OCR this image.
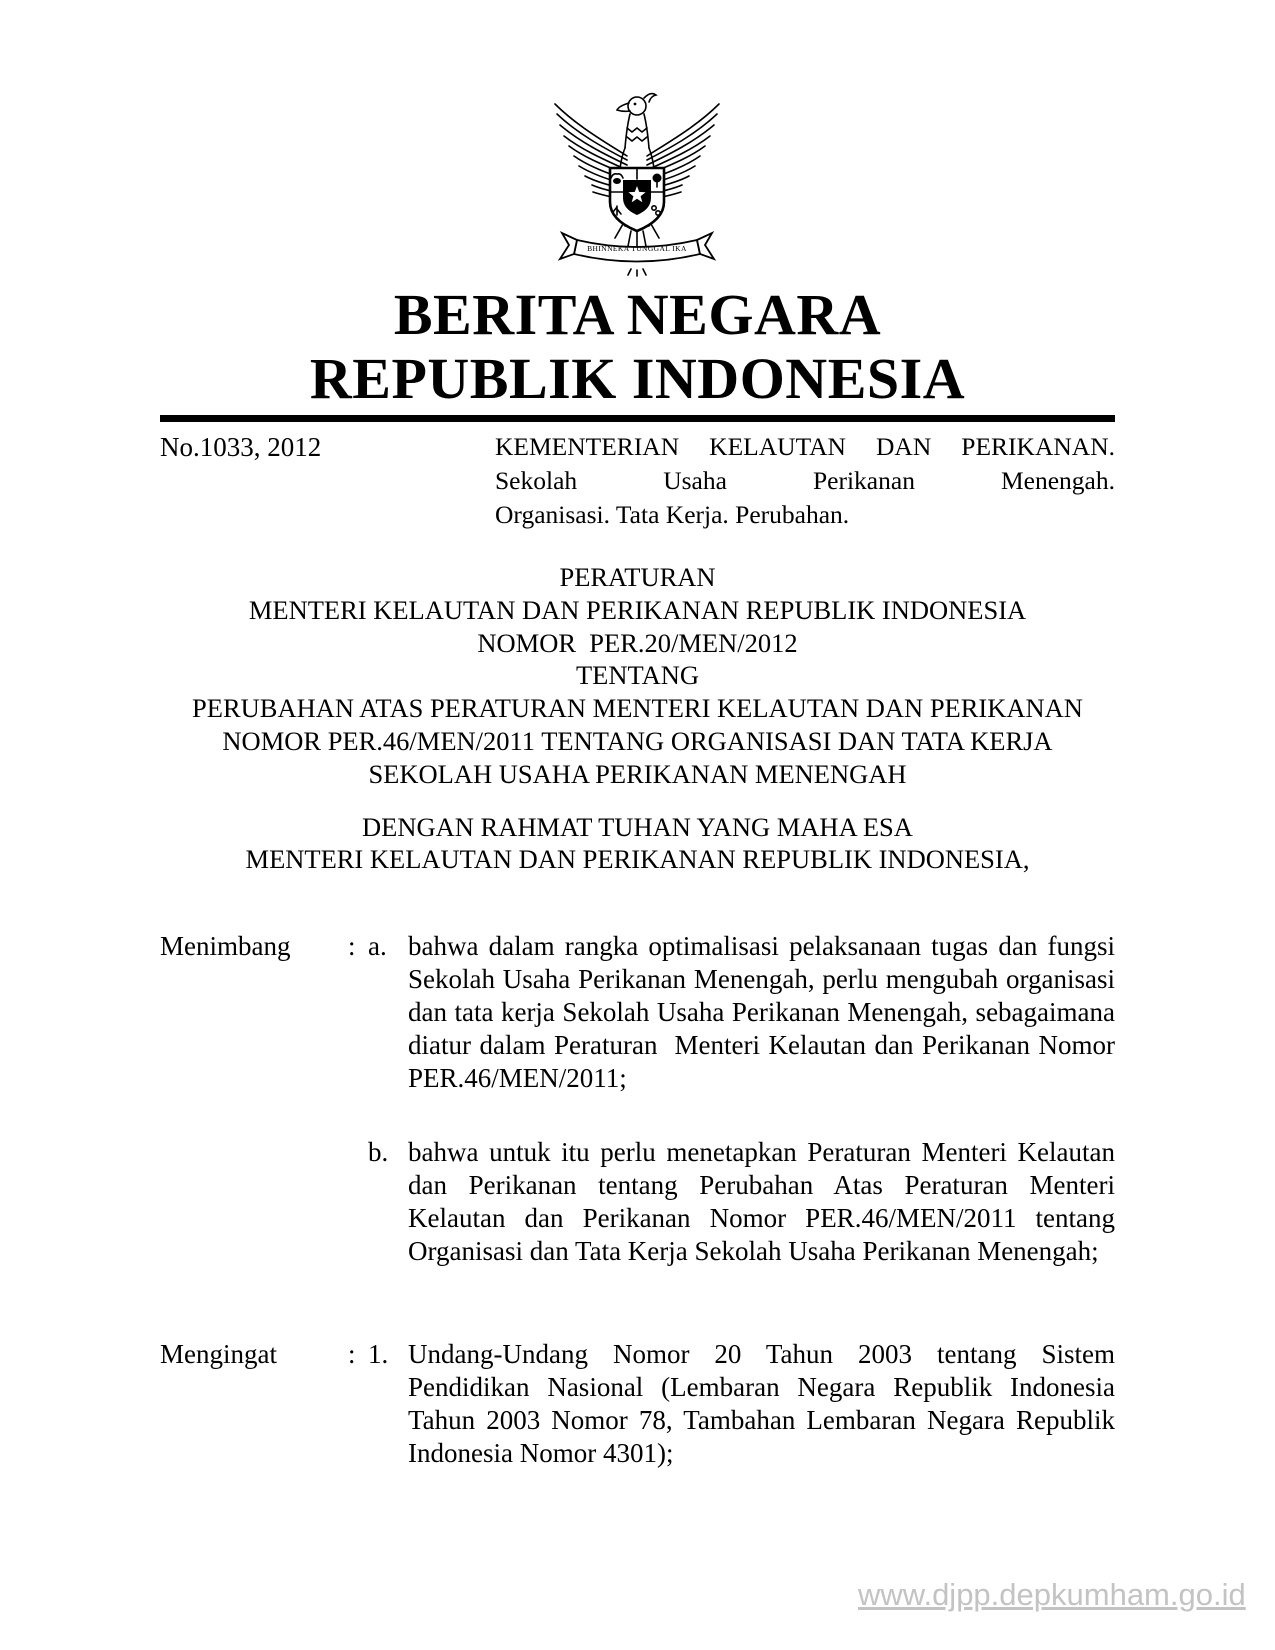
BHINNEKA TUNGGAL IKA
BERITA NEGARA
REPUBLIK INDONESIA
No.1033, 2012	KEMENTERIAN KELAUTAN DAN PERIKANAN.
Sekolah Usaha Perikanan Menengah.
Organisasi. Tata Kerja. Perubahan.
PERATURAN
MENTERI KELAUTAN DAN PERIKANAN REPUBLIK INDONESIA
NOMOR  PER.20/MEN/2012
TENTANG
PERUBAHAN ATAS PERATURAN MENTERI KELAUTAN DAN PERIKANAN
NOMOR PER.46/MEN/2011 TENTANG ORGANISASI DAN TATA KERJA
SEKOLAH USAHA PERIKANAN MENENGAH
DENGAN RAHMAT TUHAN YANG MAHA ESA
MENTERI KELAUTAN DAN PERIKANAN REPUBLIK INDONESIA,
Menimbang	: a. bahwa dalam rangka optimalisasi pelaksanaan tugas dan fungsi Sekolah Usaha Perikanan Menengah, perlu mengubah organisasi dan tata kerja Sekolah Usaha Perikanan Menengah, sebagaimana diatur dalam Peraturan  Menteri Kelautan dan Perikanan Nomor PER.46/MEN/2011;
b. bahwa untuk itu perlu menetapkan Peraturan Menteri Kelautan dan Perikanan tentang Perubahan Atas Peraturan Menteri Kelautan dan Perikanan Nomor PER.46/MEN/2011 tentang Organisasi dan Tata Kerja Sekolah Usaha Perikanan Menengah;
Mengingat	: 1. Undang-Undang Nomor 20 Tahun 2003 tentang Sistem Pendidikan Nasional (Lembaran Negara Republik Indonesia Tahun 2003 Nomor 78, Tambahan Lembaran Negara Republik Indonesia Nomor 4301);
www.djpp.depkumham.go.id
